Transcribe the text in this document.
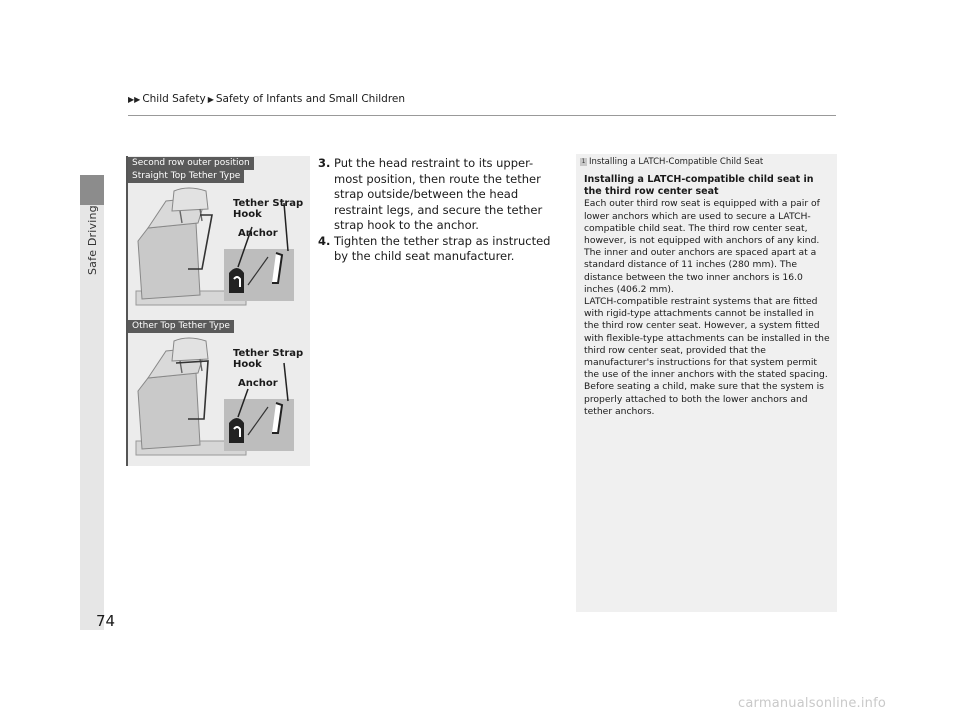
Safe Driving
▶▶ Child Safety ▶ Safety of Infants and Small Children
Second row outer position
Straight Top Tether Type
Tether Strap
Hook
Anchor
Other Top Tether Type
Tether Strap
Hook
Anchor
3. Put the head restraint to its upper-most position, then route the tether strap outside/between the head restraint legs, and secure the tether strap hook to the anchor.
4. Tighten the tether strap as instructed by the child seat manufacturer.
1 Installing a LATCH-Compatible Child Seat
Installing a LATCH-compatible child seat in the third row center seat

Each outer third row seat is equipped with a pair of lower anchors which are used to secure a LATCH-compatible child seat. The third row center seat, however, is not equipped with anchors of any kind. The inner and outer anchors are spaced apart at a standard distance of 11 inches (280 mm). The distance between the two inner anchors is 16.0 inches (406.2 mm).

LATCH-compatible restraint systems that are fitted with rigid-type attachments cannot be installed in the third row center seat. However, a system fitted with flexible-type attachments can be installed in the third row center seat, provided that the manufacturer's instructions for that system permit the use of the inner anchors with the stated spacing.

Before seating a child, make sure that the system is properly attached to both the lower anchors and tether anchors.

74
carmanualsonline.info
